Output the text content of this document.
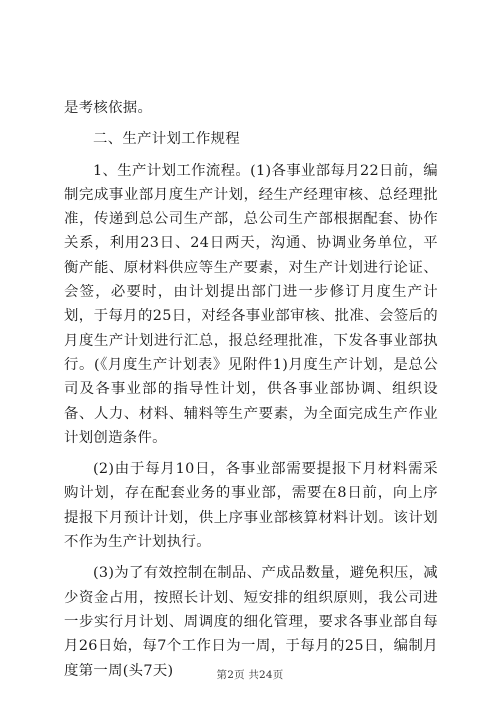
是考核依据。

二、生产计划工作规程

1、生产计划工作流程。(1)各事业部每月22日前，编制完成事业部月度生产计划，经生产经理审核、总经理批准，传递到总公司生产部，总公司生产部根据配套、协作关系，利用23日、24日两天，沟通、协调业务单位，平衡产能、原材料供应等生产要素，对生产计划进行论证、会签，必要时，由计划提出部门进一步修订月度生产计划，于每月的25日，对经各事业部审核、批准、会签后的月度生产计划进行汇总，报总经理批准，下发各事业部执行。(《月度生产计划表》见附件1)月度生产计划，是总公司及各事业部的指导性计划，供各事业部协调、组织设备、人力、材料、辅料等生产要素，为全面完成生产作业计划创造条件。

(2)由于每月10日，各事业部需要提报下月材料需采购计划，存在配套业务的事业部，需要在8日前，向上序提报下月预计计划，供上序事业部核算材料计划。该计划不作为生产计划执行。

(3)为了有效控制在制品、产成品数量，避免积压，减少资金占用，按照长计划、短安排的组织原则，我公司进一步实行月计划、周调度的细化管理，要求各事业部自每月26日始，每7个工作日为一周，于每月的25日，编制月度第一周(头7天)	第2页 共24页
